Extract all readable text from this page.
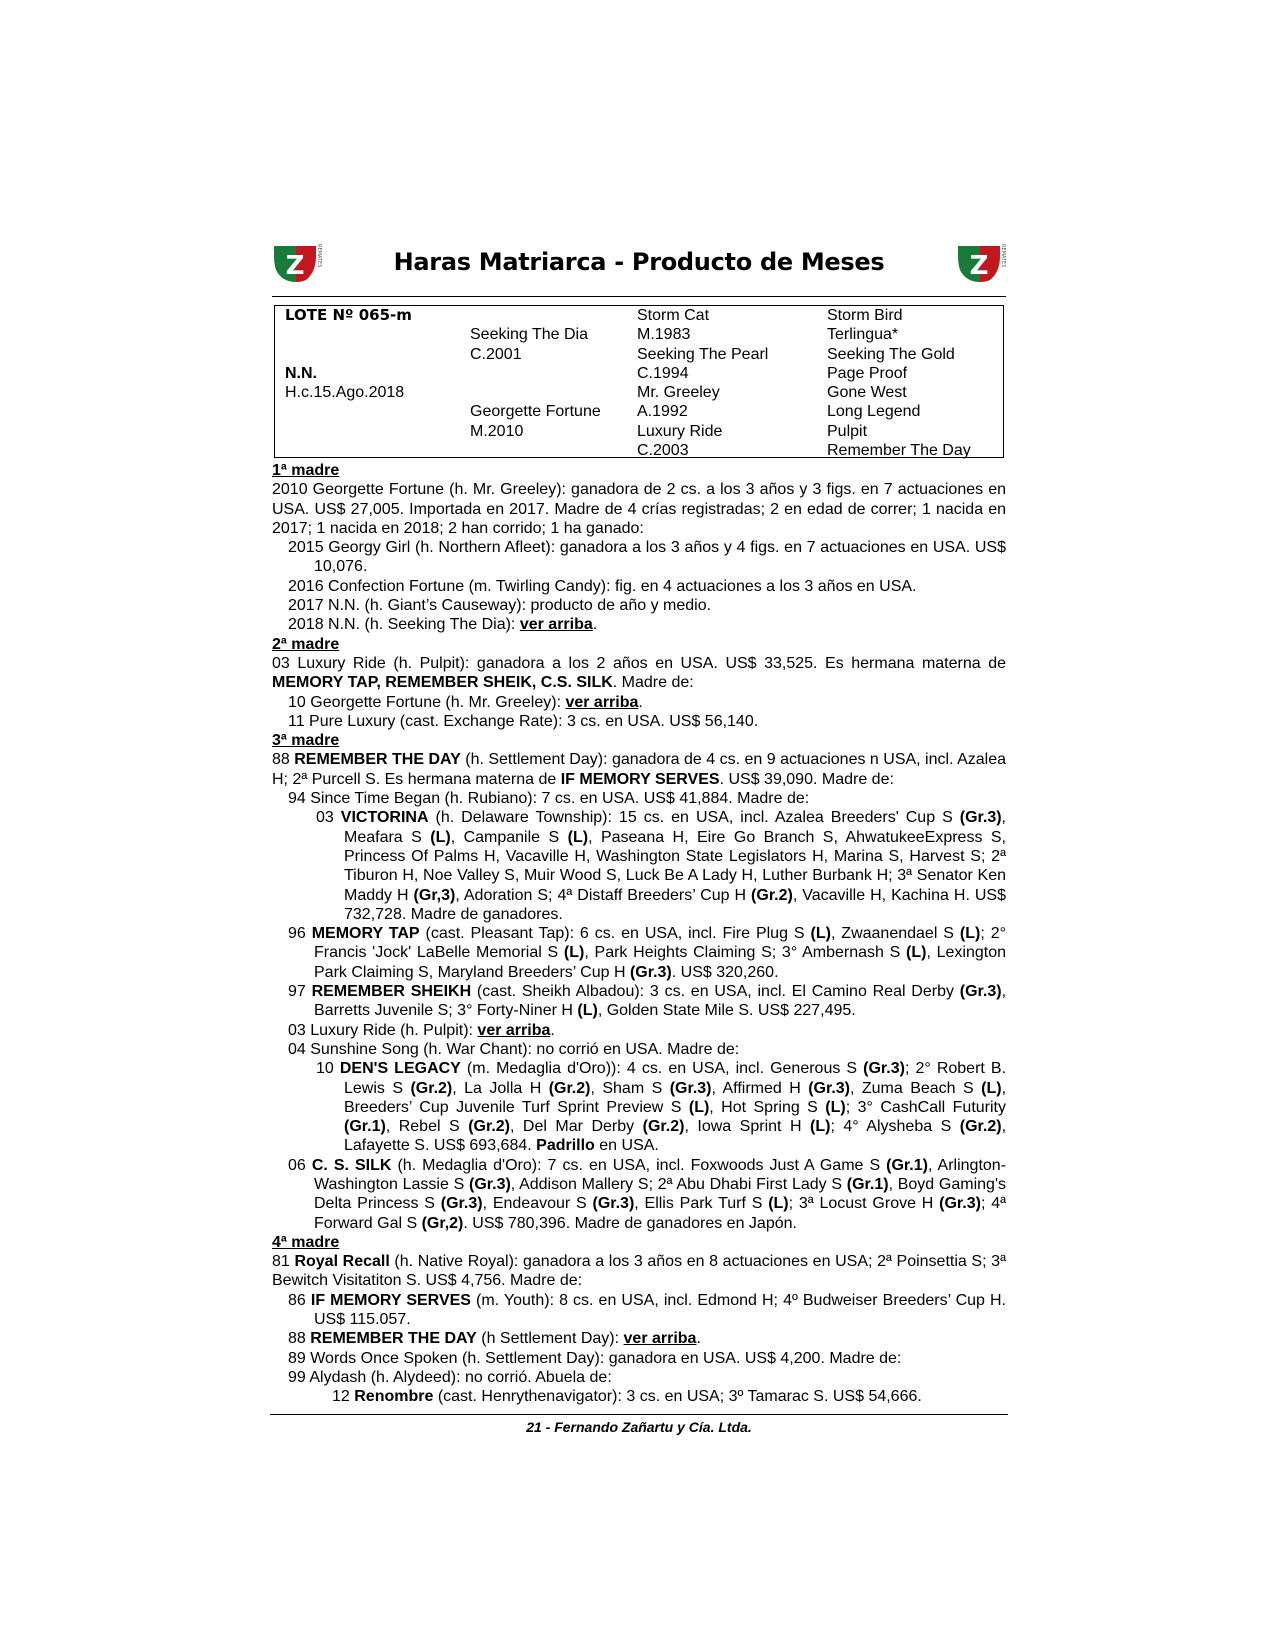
Z REMATES	Haras Matriarca - Producto de Meses	Z REMATES
LOTE Nº 065-m
N.N.
H.c.15.Ago.2018
Seeking The Dia
C.2001
Georgette Fortune
M.2010
Storm Cat
M.1983
Seeking The Pearl
C.1994
Mr. Greeley
A.1992
Luxury Ride
C.2003
Storm Bird
Terlingua*
Seeking The Gold
Page Proof
Gone West
Long Legend
Pulpit
Remember The Day

1ª madre

2010 Georgette Fortune (h. Mr. Greeley): ganadora de 2 cs. a los 3 años y 3 figs. en 7 actuaciones en USA. US$ 27,005. Importada en 2017. Madre de 4 crías registradas; 2 en edad de correr; 1 nacida en 2017; 1 nacida en 2018; 2 han corrido; 1 ha ganado:

2015 Georgy Girl (h. Northern Afleet): ganadora a los 3 años y 4 figs. en 7 actuaciones en USA. US$ 10,076.

2016 Confection Fortune (m. Twirling Candy): fig. en 4 actuaciones a los 3 años en USA.

2017 N.N. (h. Giant’s Causeway): producto de año y medio.

2018 N.N. (h. Seeking The Dia): ver arriba.

2ª madre

03 Luxury Ride (h. Pulpit): ganadora a los 2 años en USA. US$ 33,525. Es hermana materna de MEMORY TAP, REMEMBER SHEIK, C.S. SILK. Madre de:

10 Georgette Fortune (h. Mr. Greeley): ver arriba.

11 Pure Luxury (cast. Exchange Rate): 3 cs. en USA. US$ 56,140.

3ª madre

88 REMEMBER THE DAY (h. Settlement Day): ganadora de 4 cs. en 9 actuaciones n USA, incl. Azalea H; 2ª Purcell S. Es hermana materna de IF MEMORY SERVES. US$ 39,090. Madre de:

94 Since Time Began (h. Rubiano): 7 cs. en USA. US$ 41,884. Madre de:

03 VICTORINA (h. Delaware Township): 15 cs. en USA, incl. Azalea Breeders' Cup S (Gr.3), Meafara S (L), Campanile S (L), Paseana H, Eire Go Branch S, AhwatukeeExpress S, Princess Of Palms H, Vacaville H, Washington State Legislators H, Marina S, Harvest S; 2ª Tiburon H, Noe Valley S, Muir Wood S, Luck Be A Lady H, Luther Burbank H; 3ª Senator Ken Maddy H (Gr,3), Adoration S; 4ª Distaff Breeders’ Cup H (Gr.2), Vacaville H, Kachina H. US$ 732,728. Madre de ganadores.

96 MEMORY TAP (cast. Pleasant Tap): 6 cs. en USA, incl. Fire Plug S (L), Zwaanendael S (L); 2° Francis 'Jock' LaBelle Memorial S (L), Park Heights Claiming S; 3° Ambernash S (L), Lexington Park Claiming S, Maryland Breeders’ Cup H (Gr.3). US$ 320,260.

97 REMEMBER SHEIKH (cast. Sheikh Albadou): 3 cs. en USA, incl. El Camino Real Derby (Gr.3), Barretts Juvenile S; 3° Forty-Niner H (L), Golden State Mile S. US$ 227,495.

03 Luxury Ride (h. Pulpit): ver arriba.

04 Sunshine Song (h. War Chant): no corrió en USA. Madre de:

10 DEN'S LEGACY (m. Medaglia d'Oro)): 4 cs. en USA, incl. Generous S (Gr.3); 2° Robert B. Lewis S (Gr.2), La Jolla H (Gr.2), Sham S (Gr.3), Affirmed H (Gr.3), Zuma Beach S (L), Breeders’ Cup Juvenile Turf Sprint Preview S (L), Hot Spring S (L); 3° CashCall Futurity (Gr.1), Rebel S (Gr.2), Del Mar Derby (Gr.2), Iowa Sprint H (L); 4° Alysheba S (Gr.2), Lafayette S. US$ 693,684. Padrillo en USA.

06 C. S. SILK (h. Medaglia d'Oro): 7 cs. en USA, incl. Foxwoods Just A Game S (Gr.1), Arlington-Washington Lassie S (Gr.3), Addison Mallery S; 2ª Abu Dhabi First Lady S (Gr.1), Boyd Gaming's Delta Princess S (Gr.3), Endeavour S (Gr.3), Ellis Park Turf S (L); 3ª Locust Grove H (Gr.3); 4ª Forward Gal S (Gr,2). US$ 780,396. Madre de ganadores en Japón.

4ª madre

81 Royal Recall (h. Native Royal): ganadora a los 3 años en 8 actuaciones en USA; 2ª Poinsettia S; 3ª Bewitch Visitatiton S. US$ 4,756. Madre de:

86 IF MEMORY SERVES (m. Youth): 8 cs. en USA, incl. Edmond H; 4º Budweiser Breeders’ Cup H. US$ 115.057.

88 REMEMBER THE DAY (h Settlement Day): ver arriba.

89 Words Once Spoken (h. Settlement Day): ganadora en USA. US$ 4,200. Madre de:

99 Alydash (h. Alydeed): no corrió. Abuela de:

12 Renombre (cast. Henrythenavigator): 3 cs. en USA; 3º Tamarac S. US$ 54,666.

21 - Fernando Zañartu y Cía. Ltda.
